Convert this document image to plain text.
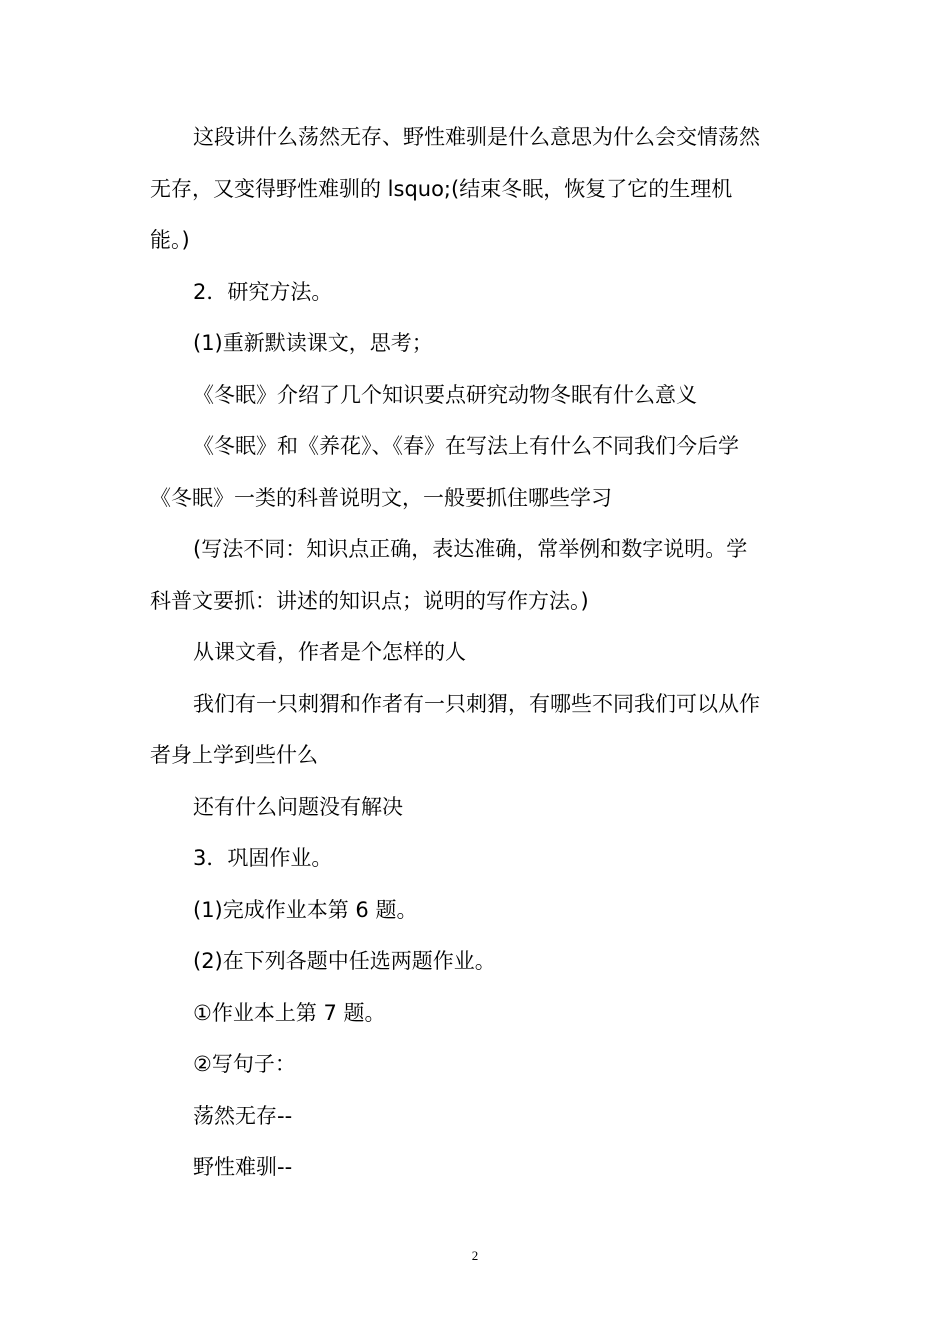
这段讲什么荡然无存、野性难驯是什么意思为什么会交情荡然
无存，又变得野性难驯的 lsquo;(结束冬眠，恢复了它的生理机
能。)
2．研究方法。
(1)重新默读课文，思考；
《冬眠》介绍了几个知识要点研究动物冬眠有什么意义
《冬眠》和《养花》、《春》在写法上有什么不同我们今后学
《冬眠》一类的科普说明文，一般要抓住哪些学习
(写法不同：知识点正确，表达准确，常举例和数字说明。学
科普文要抓：讲述的知识点；说明的写作方法。)
从课文看，作者是个怎样的人
我们有一只刺猬和作者有一只刺猬，有哪些不同我们可以从作
者身上学到些什么
还有什么问题没有解决
3．巩固作业。
(1)完成作业本第 6 题。
(2)在下列各题中任选两题作业。
①作业本上第 7 题。
②写句子：
荡然无存--
野性难驯--
2
